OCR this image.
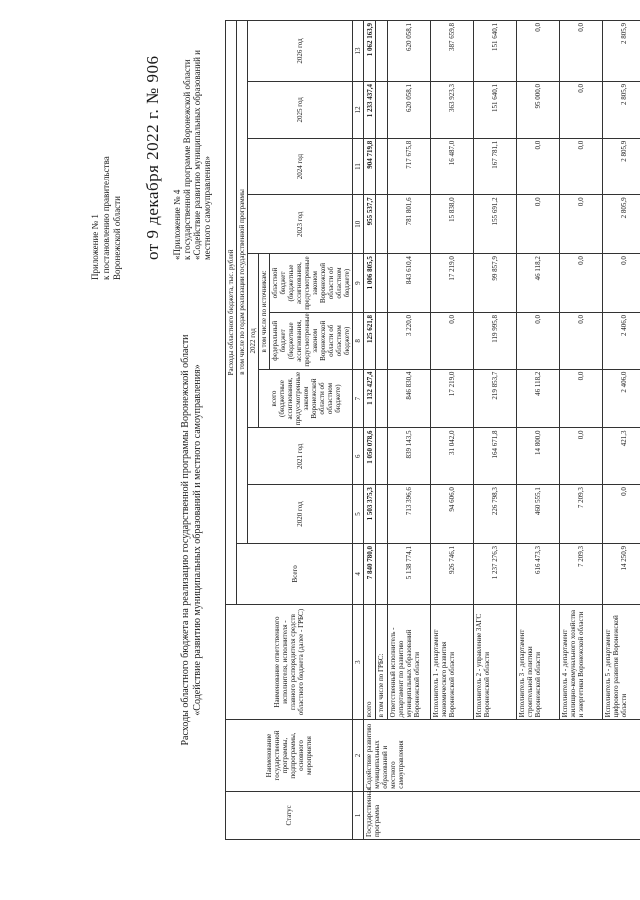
Приложение № 1 к постановлению правительства Воронежской области от 9 декабря 2022 г. № 906
«Приложение № 4 к государственной программе Воронежской области «Содействие развитию муниципальных образований и местного самоуправления»
Расходы областного бюджета на реализацию государственной программы Воронежской области «Содействие развитию муниципальных образований и местного самоуправления»
Статус	Наименование государственной программы, подпрограммы, основного мероприятия	Наименование ответственного исполнителя, исполнителя - главного распорядителя средств областного бюджета (далее - ГРБС)	Расходы областного бюджета, тыс. рублей									
			Всего	в том числе по годам реализации государственной программы								
				2020 год	2021 год	2022 год			2023 год	2024 год	2025 год	2026 год
						всего (бюджетные ассигнования, предусмотренные законом Воронежской области об областном бюджете)	в том числе по источникам:					
							федеральный бюджет (бюджетные ассигнования, предусмотренные законом Воронежской области об областном бюджете)	областной бюджет (бюджетные ассигнования, предусмотренные законом Воронежской области об областном бюджете)				
1	2	3	4	5	6	7	8	9	10	11	12	13
Государственная программа	Содействие развитию муниципальных образований и местного самоуправления	всего	7 840 780,0	1 503 375,3	1 050 078,6	1 132 427,4	125 621,8	1 006 805,5	955 537,7	904 719,8	1 233 437,4	1 062 163,9
		в том числе по ГРБС:										
		Ответственный исполнитель - департамент по развитию муниципальных образований Воронежской области	5 138 774,1	713 396,6	839 143,5	846 830,4	3 220,0	843 610,4	781 801,6	717 675,8	620 058,1	620 058,1
		Исполнитель 1 - департамент экономического развития Воронежской области	926 746,1	94 606,0	31 042,0	17 219,0	0,0	17 219,0	15 838,0	16 487,0	363 923,3	387 659,8
		Исполнитель 2 - управление ЗАГС Воронежской области	1 237 276,3	226 798,3	164 671,8	219 853,7	119 995,8	99 857,9	155 691,2	167 781,1	151 640,1	151 640,1
		Исполнитель 3 - департамент строительной политики Воронежской области	616 473,3	460 555,1	14 800,0	46 118,2	0,0	46 118,2	0,0	0,0	95 000,0	0,0
		Исполнитель 4 - департамент жилищно-коммунального хозяйства и энергетики Воронежской области	7 209,3	7 209,3	0,0	0,0	0,0	0,0	0,0	0,0	0,0	0,0
		Исполнитель 5 - департамент цифрового развития Воронежской области	14 250,9	0,0	421,3	2 406,0	2 406,0	0,0	2 805,9	2 805,9	2 805,9	2 805,9
